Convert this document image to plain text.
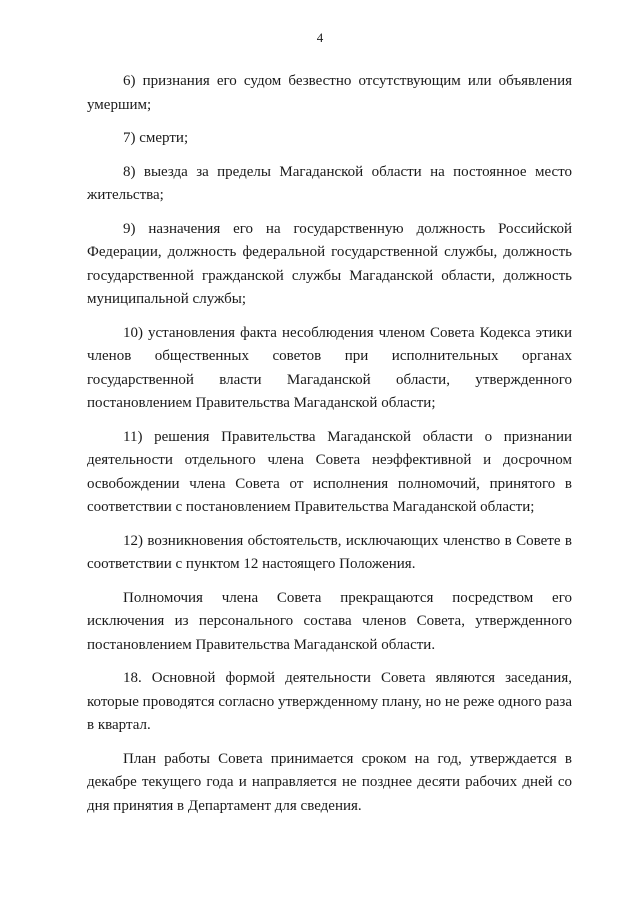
4

6) признания его судом безвестно отсутствующим или объявления умершим;

7) смерти;

8) выезда за пределы Магаданской области на постоянное место жительства;

9) назначения его на государственную должность Российской Федерации, должность федеральной государственной службы, должность государственной гражданской службы Магаданской области, должность муниципальной службы;

10) установления факта несоблюдения членом Совета Кодекса этики членов общественных советов при исполнительных органах государственной власти Магаданской области, утвержденного постановлением Правительства Магаданской области;

11) решения Правительства Магаданской области о признании деятельности отдельного члена Совета неэффективной и досрочном освобождении члена Совета от исполнения полномочий, принятого в соответствии с постановлением Правительства Магаданской области;

12) возникновения обстоятельств, исключающих членство в Совете в соответствии с пунктом 12 настоящего Положения.

Полномочия члена Совета прекращаются посредством его исключения из персонального состава членов Совета, утвержденного постановлением Правительства Магаданской области.

18. Основной формой деятельности Совета являются заседания, которые проводятся согласно утвержденному плану, но не реже одного раза в квартал.

План работы Совета принимается сроком на год, утверждается в декабре текущего года и направляется не позднее десяти рабочих дней со дня принятия в Департамент для сведения.
